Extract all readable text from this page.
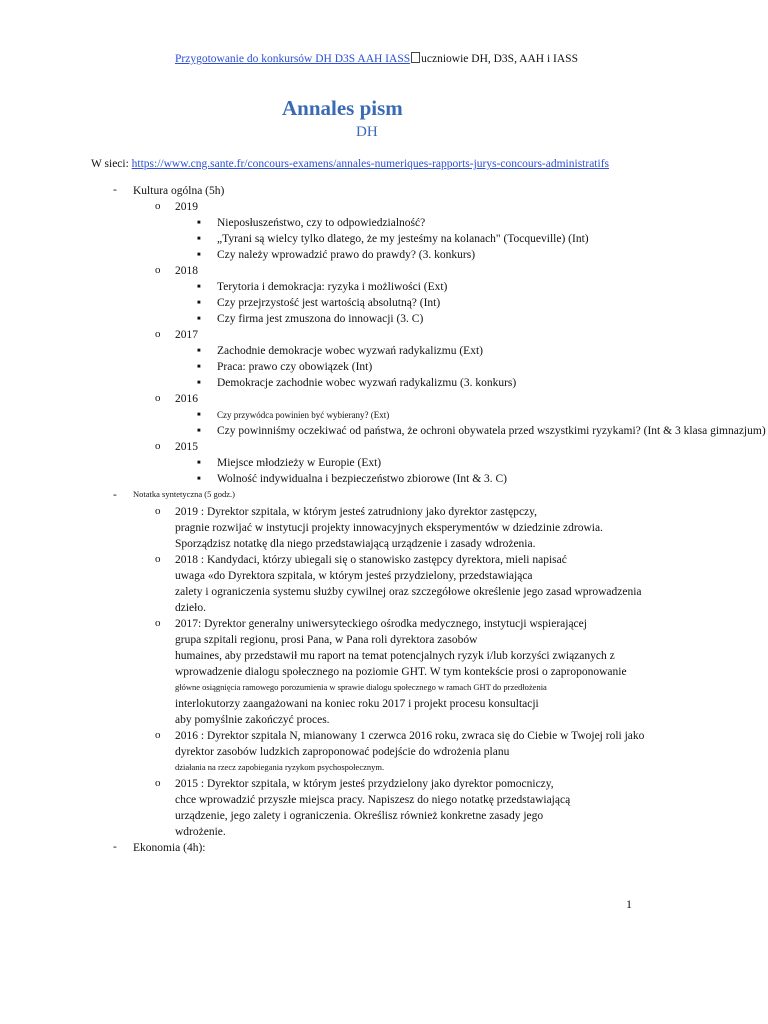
Przygotowanie do konkursów DH D3S AAH IASS uczniowie DH, D3S, AAH i IASS
Annales pism
DH
W sieci: https://www.cng.sante.fr/concours-examens/annales-numeriques-rapports-jurys-concours-administratifs
- Kultura ogólna (5h)
o 2019
■ Nieposłuszeństwo, czy to odpowiedzialność?
■ „Tyrani są wielcy tylko dlatego, że my jesteśmy na kolanach" (Tocqueville) (Int)
■ Czy należy wprowadzić prawo do prawdy? (3. konkurs)
o 2018
■ Terytoria i demokracja: ryzyka i możliwości (Ext)
■ Czy przejrzystość jest wartością absolutną? (Int)
■ Czy firma jest zmuszona do innowacji (3. C)
o 2017
■ Zachodnie demokracje wobec wyzwań radykalizmu (Ext)
■ Praca: prawo czy obowiązek (Int)
■ Demokracje zachodnie wobec wyzwań radykalizmu (3. konkurs)
o 2016
■ Czy przywódca powinien być wybierany? (Ext)
■ Czy powinniśmy oczekiwać od państwa, że ochroni obywatela przed wszystkimi ryzykami? (Int & 3 klasa gimnazjum)
o 2015
■ Miejsce młodzieży w Europie (Ext)
■ Wolność indywidualna i bezpieczeństwo zbiorowe (Int & 3. C)
- Notatka syntetyczna (5 godz.)
o 2019 : Dyrektor szpitala, w którym jesteś zatrudniony jako dyrektor zastępczy,
pragnie rozwijać w instytucji projekty innowacyjnych eksperymentów w dziedzinie zdrowia.
Sporządzisz notatkę dla niego przedstawiającą urządzenie i zasady wdrożenia.
o 2018 : Kandydaci, którzy ubiegali się o stanowisko zastępcy dyrektora, mieli napisać
uwaga «do Dyrektora szpitala, w którym jesteś przydzielony, przedstawiająca
zalety i ograniczenia systemu służby cywilnej oraz szczegółowe określenie jego zasad wprowadzenia
dzieło.
o 2017: Dyrektor generalny uniwersyteckiego ośrodka medycznego, instytucji wspierającej
grupa szpitali regionu, prosi Pana, w Pana roli dyrektora zasobów
humaines, aby przedstawił mu raport na temat potencjalnych ryzyk i/lub korzyści związanych z
wprowadzenie dialogu społecznego na poziomie GHT. W tym kontekście prosi o zaproponowanie
główne osiągnięcia ramowego porozumienia w sprawie dialogu społecznego w ramach GHT do przedłożenia
interlokutorzy zaangażowani na koniec roku 2017 i projekt procesu konsultacji
aby pomyślnie zakończyć proces.
o 2016 : Dyrektor szpitala N, mianowany 1 czerwca 2016 roku, zwraca się do Ciebie w Twojej roli jako
dyrektor zasobów ludzkich zaproponować podejście do wdrożenia planu
działania na rzecz zapobiegania ryzykom psychospołecznym.
o 2015 : Dyrektor szpitala, w którym jesteś przydzielony jako dyrektor pomocniczy,
chce wprowadzić przyszłe miejsca pracy. Napiszesz do niego notatkę przedstawiającą
urządzenie, jego zalety i ograniczenia. Określisz również konkretne zasady jego
wdrożenie.
- Ekonomia (4h):
1
